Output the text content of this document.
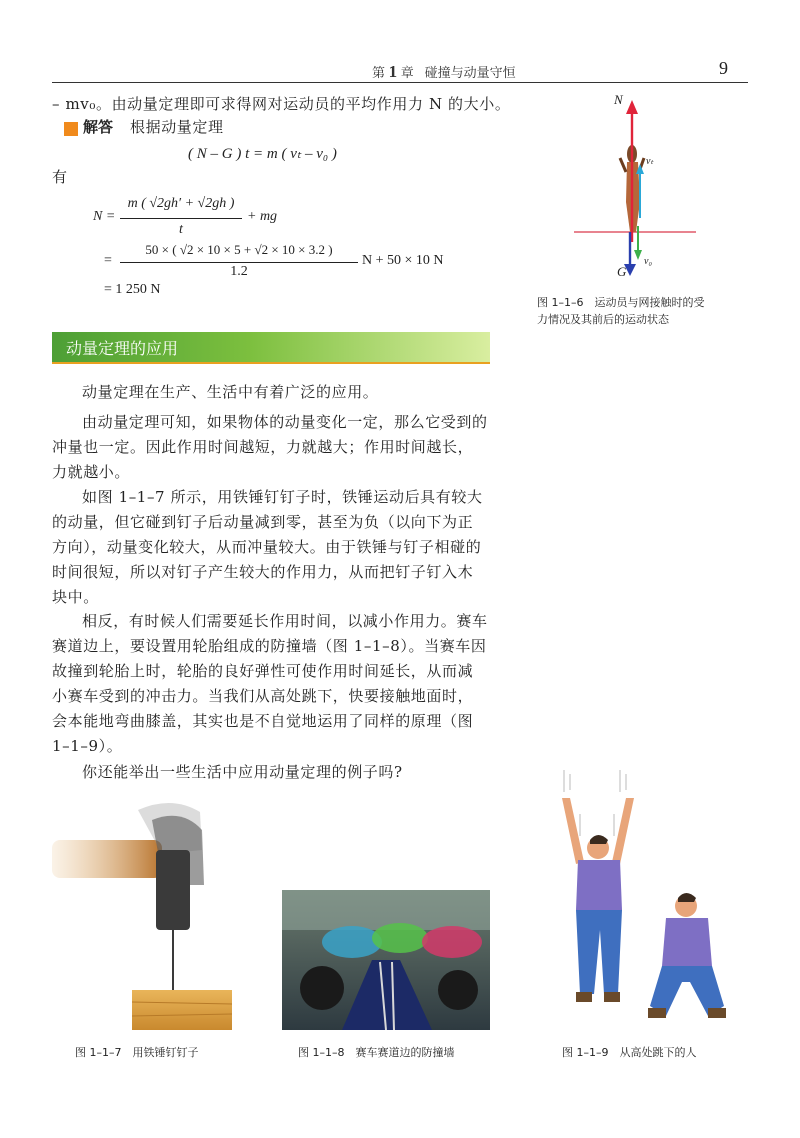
第 1 章 碰撞与动量守恒	9
– mv₀。由动量定理即可求得网对运动员的平均作用力 N 的大小。
解答 根据动量定理
( N – G ) t = m ( vₜ – v₀ )
有
N =
m ( √2gh′ + √2gh )
t
+ mg
=
50 × ( √2 × 10 × 5 + √2 × 10 × 3.2 )
1.2
N + 50 × 10 N
= 1 250 N
N
G
vₜ
v₀
图 1–1–6　运动员与网接触时的受
力情况及其前后的运动状态
动量定理的应用
动量定理在生产、生活中有着广泛的应用。
由动量定理可知，如果物体的动量变化一定，那么它受到的冲量也一定。因此作用时间越短，力就越大；作用时间越长，力就越小。
如图 1–1–7 所示，用铁锤钉钉子时，铁锤运动后具有较大的动量，但它碰到钉子后动量减到零，甚至为负（以向下为正方向），动量变化较大，从而冲量较大。由于铁锤与钉子相碰的时间很短，所以对钉子产生较大的作用力，从而把钉子钉入木块中。
相反，有时候人们需要延长作用时间，以减小作用力。赛车赛道边上，要设置用轮胎组成的防撞墙（图 1–1–8）。当赛车因故撞到轮胎上时，轮胎的良好弹性可使作用时间延长，从而减小赛车受到的冲击力。当我们从高处跳下，快要接触地面时，会本能地弯曲膝盖，其实也是不自觉地运用了同样的原理（图 1–1–9）。
你还能举出一些生活中应用动量定理的例子吗?
图 1–1–7　用铁锤钉钉子	图 1–1–8　赛车赛道边的防撞墙	图 1–1–9　从高处跳下的人
